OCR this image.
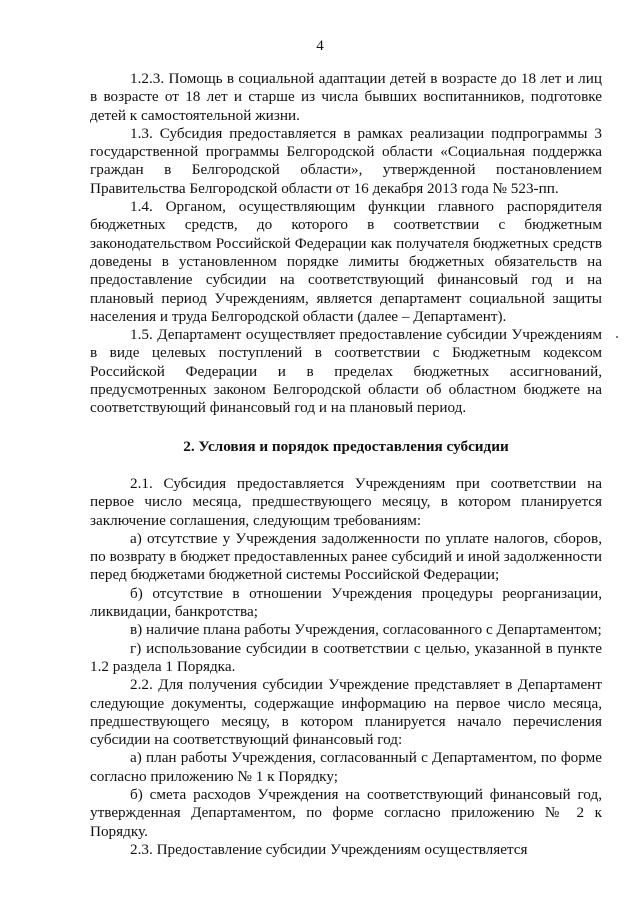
4

1.2.3. Помощь в социальной адаптации детей в возрасте до 18 лет и лиц в возрасте от 18 лет и старше из числа бывших воспитанников, подготовке детей к самостоятельной жизни.

1.3. Субсидия предоставляется в рамках реализации подпрограммы 3 государственной программы Белгородской области «Социальная поддержка граждан в Белгородской области», утвержденной постановлением Правительства Белгородской области от 16 декабря 2013 года № 523-пп.

1.4. Органом, осуществляющим функции главного распорядителя бюджетных средств, до которого в соответствии с бюджетным законодательством Российской Федерации как получателя бюджетных средств доведены в установленном порядке лимиты бюджетных обязательств на предоставление субсидии на соответствующий финансовый год и на плановый период Учреждениям, является департамент социальной защиты населения и труда Белгородской области (далее – Департамент).

1.5. Департамент осуществляет предоставление субсидии Учреждениям в виде целевых поступлений в соответствии с Бюджетным кодексом Российской Федерации и в пределах бюджетных ассигнований, предусмотренных законом Белгородской области об областном бюджете на соответствующий финансовый год и на плановый период.

2. Условия и порядок предоставления субсидии

2.1. Субсидия предоставляется Учреждениям при соответствии на первое число месяца, предшествующего месяцу, в котором планируется заключение соглашения, следующим требованиям:

а) отсутствие у Учреждения задолженности по уплате налогов, сборов, по возврату в бюджет предоставленных ранее субсидий и иной задолженности перед бюджетами бюджетной системы Российской Федерации;

б) отсутствие в отношении Учреждения процедуры реорганизации, ликвидации, банкротства;

в) наличие плана работы Учреждения, согласованного с Департаментом;

г) использование субсидии в соответствии с целью, указанной в пункте 1.2 раздела 1 Порядка.

2.2. Для получения субсидии Учреждение представляет в Департамент следующие документы, содержащие информацию на первое число месяца, предшествующего месяцу, в котором планируется начало перечисления субсидии на соответствующий финансовый год:

а) план работы Учреждения, согласованный с Департаментом, по форме согласно приложению № 1 к Порядку;

б) смета расходов Учреждения на соответствующий финансовый год, утвержденная Департаментом, по форме согласно приложению № 2 к Порядку.

2.3. Предоставление субсидии Учреждениям осуществляется
